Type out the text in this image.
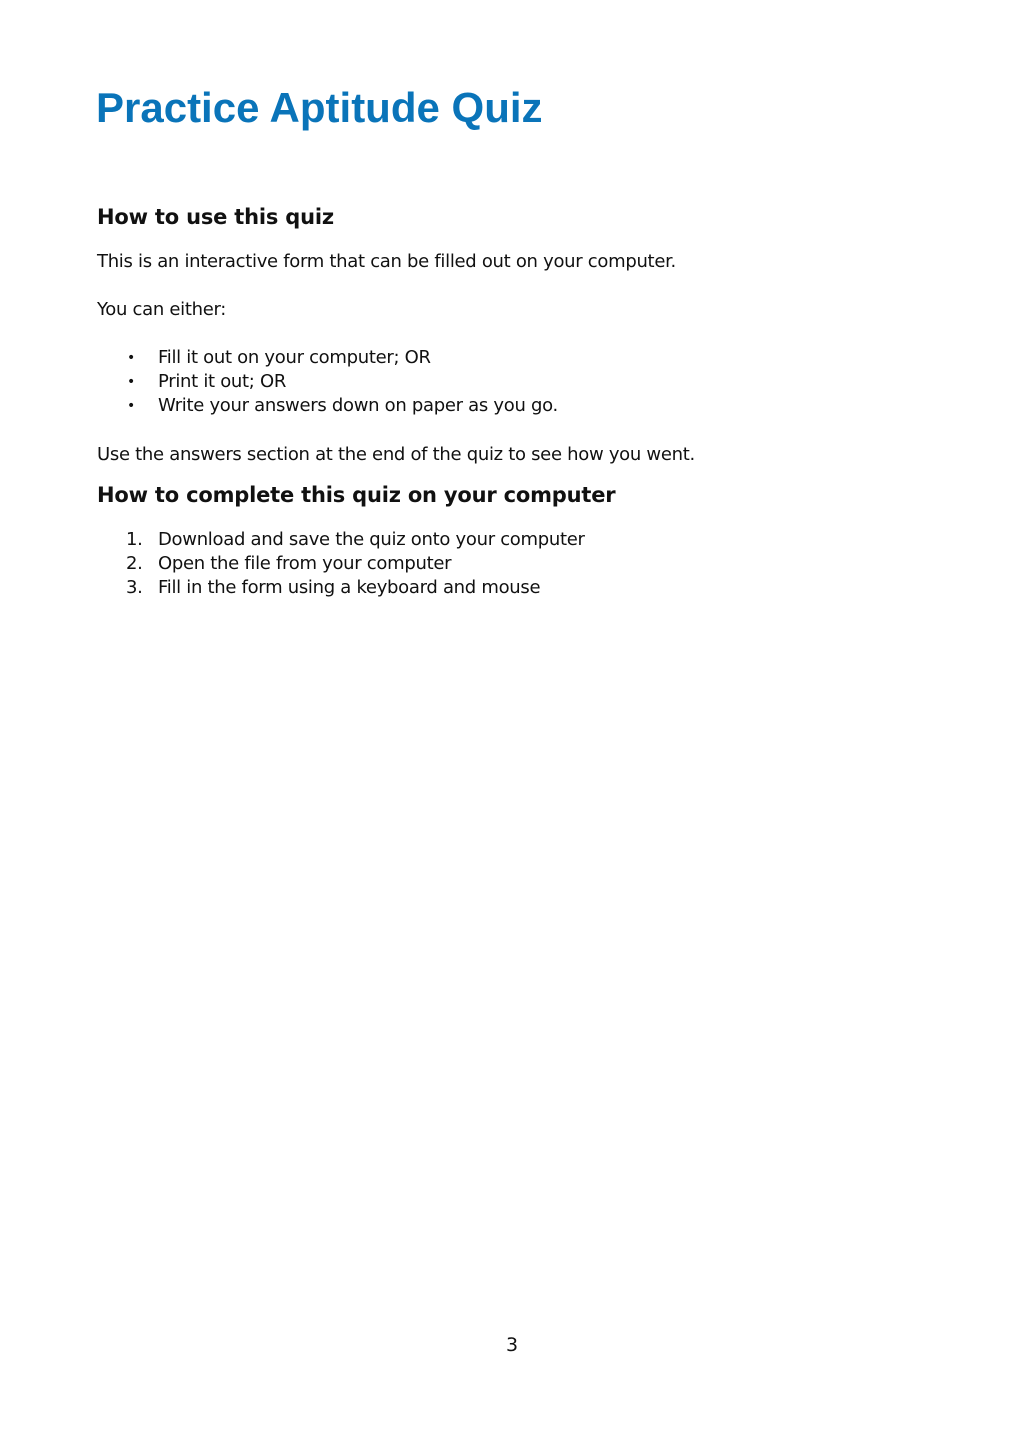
Practice Aptitude Quiz
How to use this quiz

This is an interactive form that can be filled out on your computer.

You can either:

• Fill it out on your computer; OR
• Print it out; OR
• Write your answers down on paper as you go.

Use the answers section at the end of the quiz to see how you went.

How to complete this quiz on your computer
1. Download and save the quiz onto your computer
2. Open the file from your computer
3. Fill in the form using a keyboard and mouse
3
